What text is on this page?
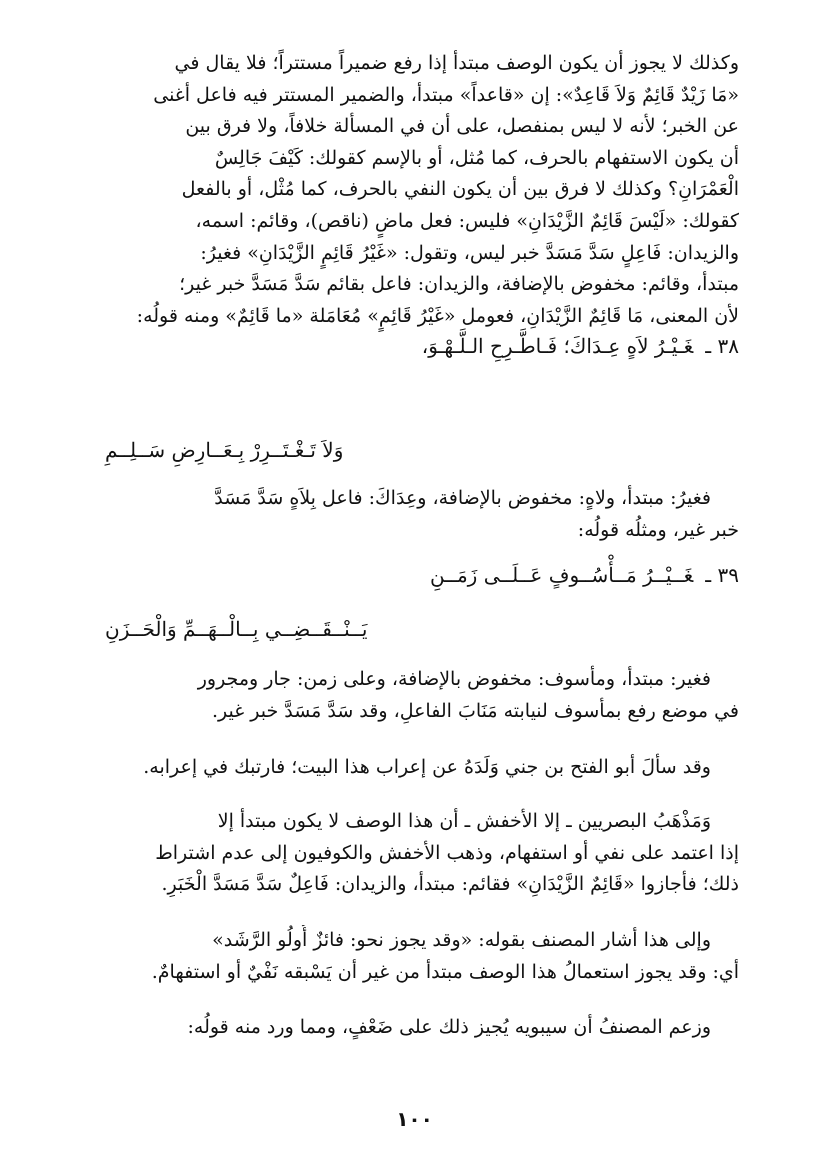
وكذلك لا يجوز أن يكون الوصف مبتدأ إذا رفع ضميراً مستتراً؛ فلا يقال في

«مَا زَيْدٌ قَائِمٌ وَلاَ قَاعِدٌ»: إن «قاعداً» مبتدأ، والضمير المستتر فيه فاعل أغنى

عن الخبر؛ لأنه لا ليس بمنفصل، على أن في المسألة خلافاً، ولا فرق بين

أن يكون الاستفهام بالحرف، كما مُثل، أو بالإسم كقولك: كَيْفَ جَالِسٌ

الْعَمْرَانِ؟ وكذلك لا فرق بين أن يكون النفي بالحرف، كما مُثْل، أو بالفعل

كقولك: «لَيْسَ قَائِمٌ الزَّيْدَانِ» فليس: فعل ماضٍ (ناقص)، وقائم: اسمه،

والزيدان: فَاعِلٍ سَدَّ مَسَدَّ خبر ليس، وتقول: «غَيْرُ قَائِمٍ الزَّيْدَانِ» فغيرُ:

مبتدأ، وقائم: مخفوض بالإضافة، والزيدان: فاعل بقائم سَدَّ مَسَدَّ خبر غير؛

لأن المعنى، مَا قَائِمٌ الزَّيْدَانِ، فعومل «غَيْرُ قَائِمٍ» مُعَامَلة «ما قَائِمٌ» ومنه قولُه:

٣٨ ـغَـيْـرُ لاَهٍ عِـدَاكَ؛ فَـاطَّـرِحِ الـلَّـهْـوَ،
وَلاَ تَـغْـتَــرِرْ بِـعَــارِضِ سَــلِــمِ

فغيرُ: مبتدأ، ولاهٍ: مخفوض بالإضافة، وعِدَاكَ: فاعل بِلاَهٍ سَدَّ مَسَدَّ

خبر غير، ومثلُه قولُه:

٣٩ ـغَــيْــرُ مَــأْسُــوفٍ عَــلَــى زَمَــنِ
يَــنْــقَــضِــي بِــالْــهَــمِّ وَالْحَــزَنِ

فغير: مبتدأ، ومأسوف: مخفوض بالإضافة، وعلى زمن: جار ومجرور

في موضع رفع بمأسوف لنيابته مَنَابَ الفاعلِ، وقد سَدَّ مَسَدَّ خبر غير.

وقد سألَ أبو الفتح بن جني وَلَدَهُ عن إعراب هذا البيت؛ فارتبك في إعرابه.

وَمَذْهَبُ البصريين ـ إلا الأخفش ـ أن هذا الوصف لا يكون مبتدأ إلا

إذا اعتمد على نفي أو استفهام، وذهب الأخفش والكوفيون إلى عدم اشتراط

ذلك؛ فأجازوا «قَائِمٌ الزَّيْدَانِ» فقائم: مبتدأ، والزيدان: فَاعِلٌ سَدَّ مَسَدَّ الْخَبَرِ.

وإلى هذا أشار المصنف بقوله: «وقد يجوز نحو: فائزٌ أُولُو الرَّشَد»

أي: وقد يجوز استعمالُ هذا الوصف مبتدأ من غير أن يَسْبقه نَفْيٌ أو استفهامٌ.

وزعم المصنفُ أن سيبويه يُجيز ذلك على ضَعْفٍ، ومما ورد منه قولُه:

١٠٠
